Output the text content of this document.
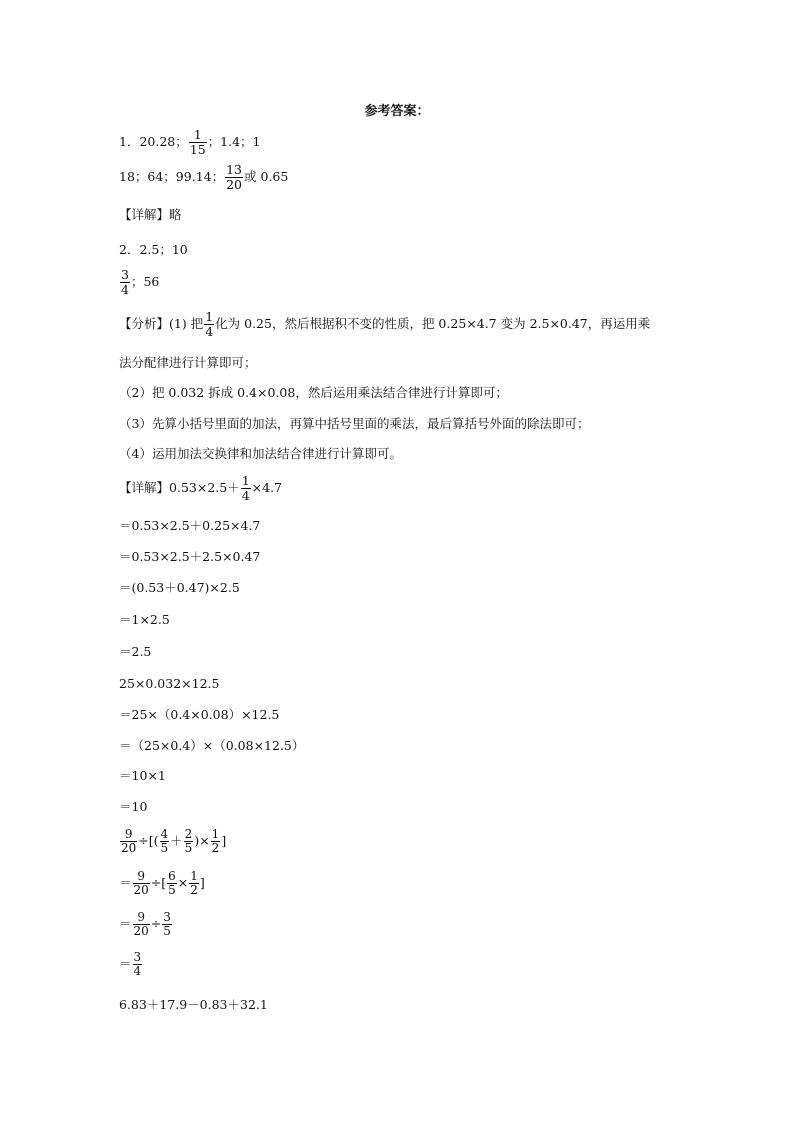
参考答案：
1．20.28； $\frac{1}{15}$ ；1.4；1
18；64；99.14； $\frac{13}{20}$ 或 0.65
【详解】略
2．2.5；10
$\frac{3}{4}$ ；56
【分析】(1) 把 $\frac{1}{4}$ 化为 0.25，然后根据积不变的性质，把 0.25×4.7 变为 2.5×0.47，再运用乘
法分配律进行计算即可；
（2）把 0.032 拆成 0.4×0.08，然后运用乘法结合律进行计算即可；
（3）先算小括号里面的加法，再算中括号里面的乘法，最后算括号外面的除法即可；
（4）运用加法交换律和加法结合律进行计算即可。
【详解】$0.53\times 2.5+ \frac{1}{4} \times 4.7$
＝0.53×2.5＋0.25×4.7
＝0.53×2.5＋2.5×0.47
＝(0.53＋0.47)×2.5
＝1×2.5
＝2.5
25×0.032×12.5
＝25×（0.4×0.08）×12.5
＝（25×0.4）×（0.08×12.5）
＝10×1
＝10
$\frac{9}{20}$ ÷[( $\frac{4}{5} + \frac{2}{5}$ )× $\frac{1}{2}$ ]
＝ $\frac{9}{20}$ ÷[ $\frac{6}{5} \times \frac{1}{2}$ ]
＝ $\frac{9}{20} \div \frac{3}{5}$
＝ $\frac{3}{4}$
6.83＋17.9－0.83＋32.1
